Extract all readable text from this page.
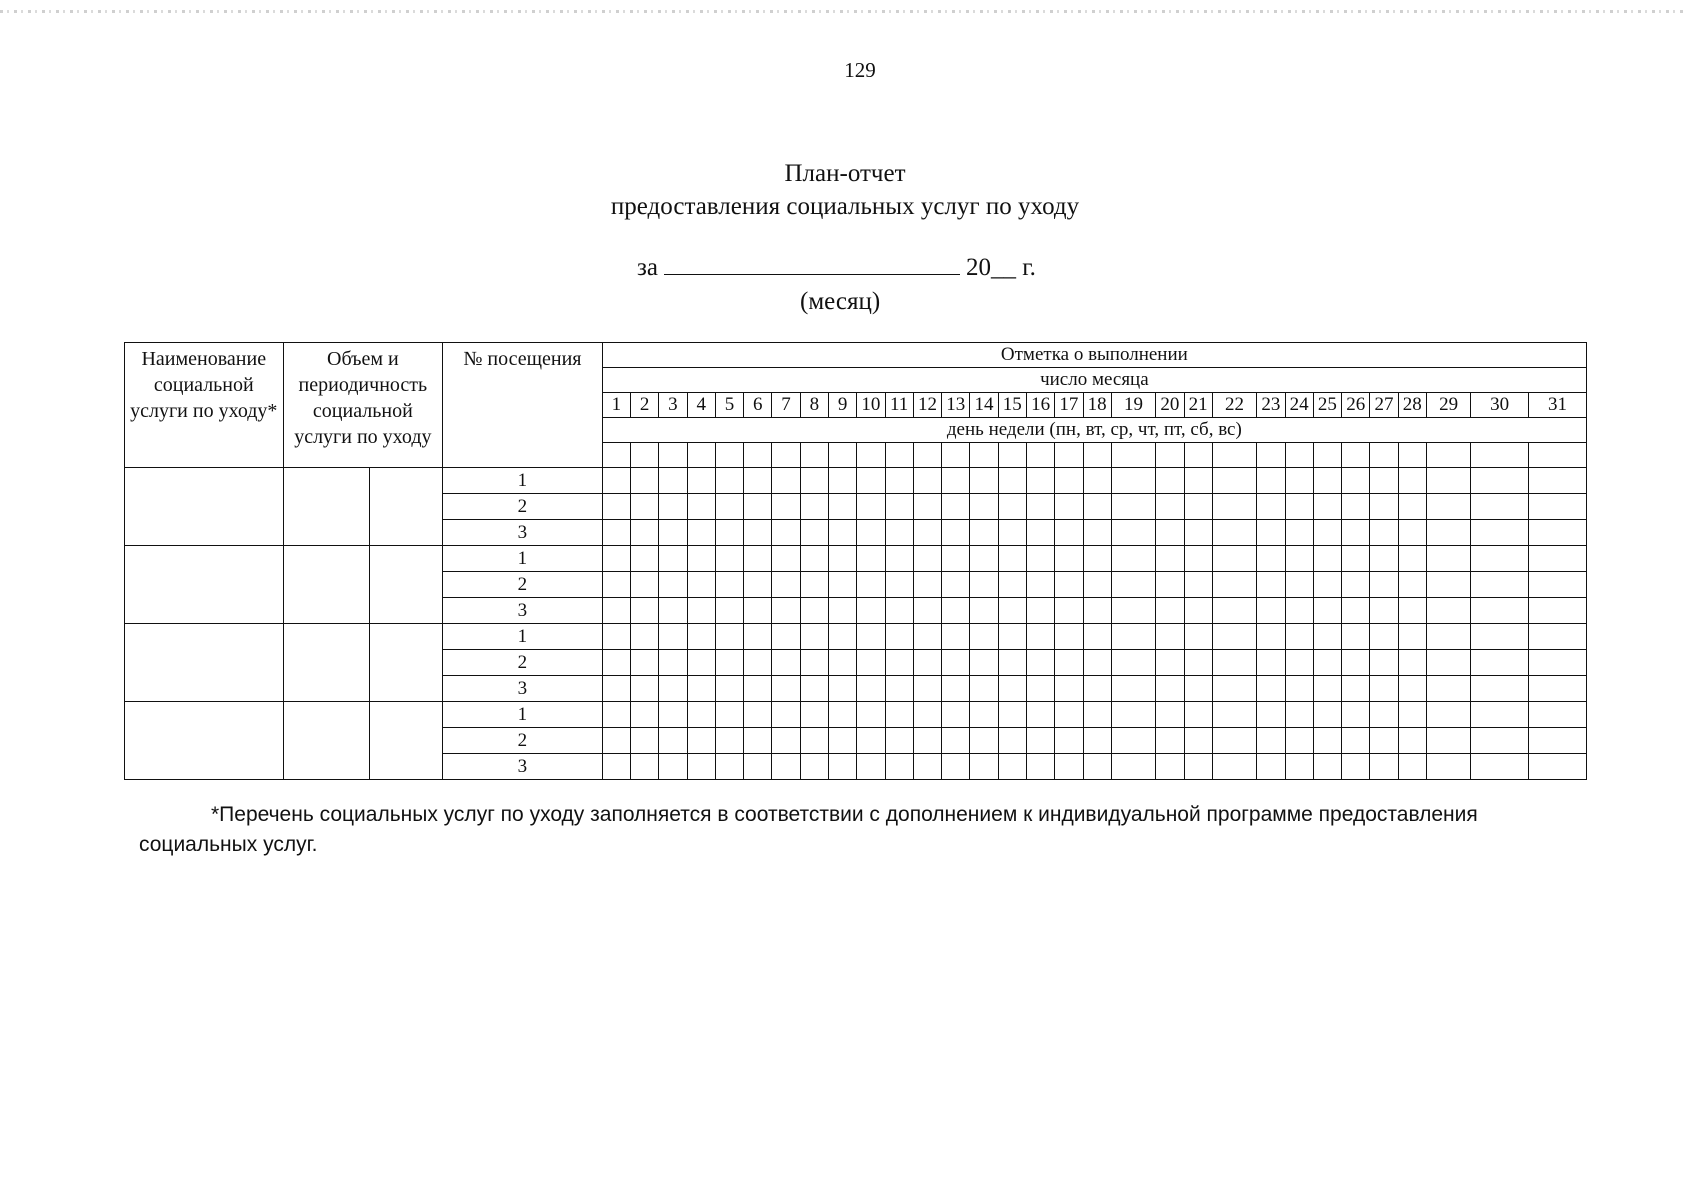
129
План-отчет
предоставления социальных услуг по уходу
за	20__ г.
(месяц)
Наименование социальной услуги по уходу*	Объем и периодичность социальной услуги по уходу		№ посещения	Отметка о выполнении																														
				число месяца																														
				1	2	3	4	5	6	7	8	9	10	11	12	13	14	15	16	17	18	19	20	21	22	23	24	25	26	27	28	29	30	31
				день недели (пн, вт, ср, чт, пт, сб, вс)																														

			1																															
			2																															
			3																															
			1																															
			2																															
			3																															
			1																															
			2																															
			3																															
			1																															
			2																															
			3																															
*Перечень социальных услуг по уходу заполняется в соответствии с дополнением к индивидуальной программе предоставления социальных услуг.
